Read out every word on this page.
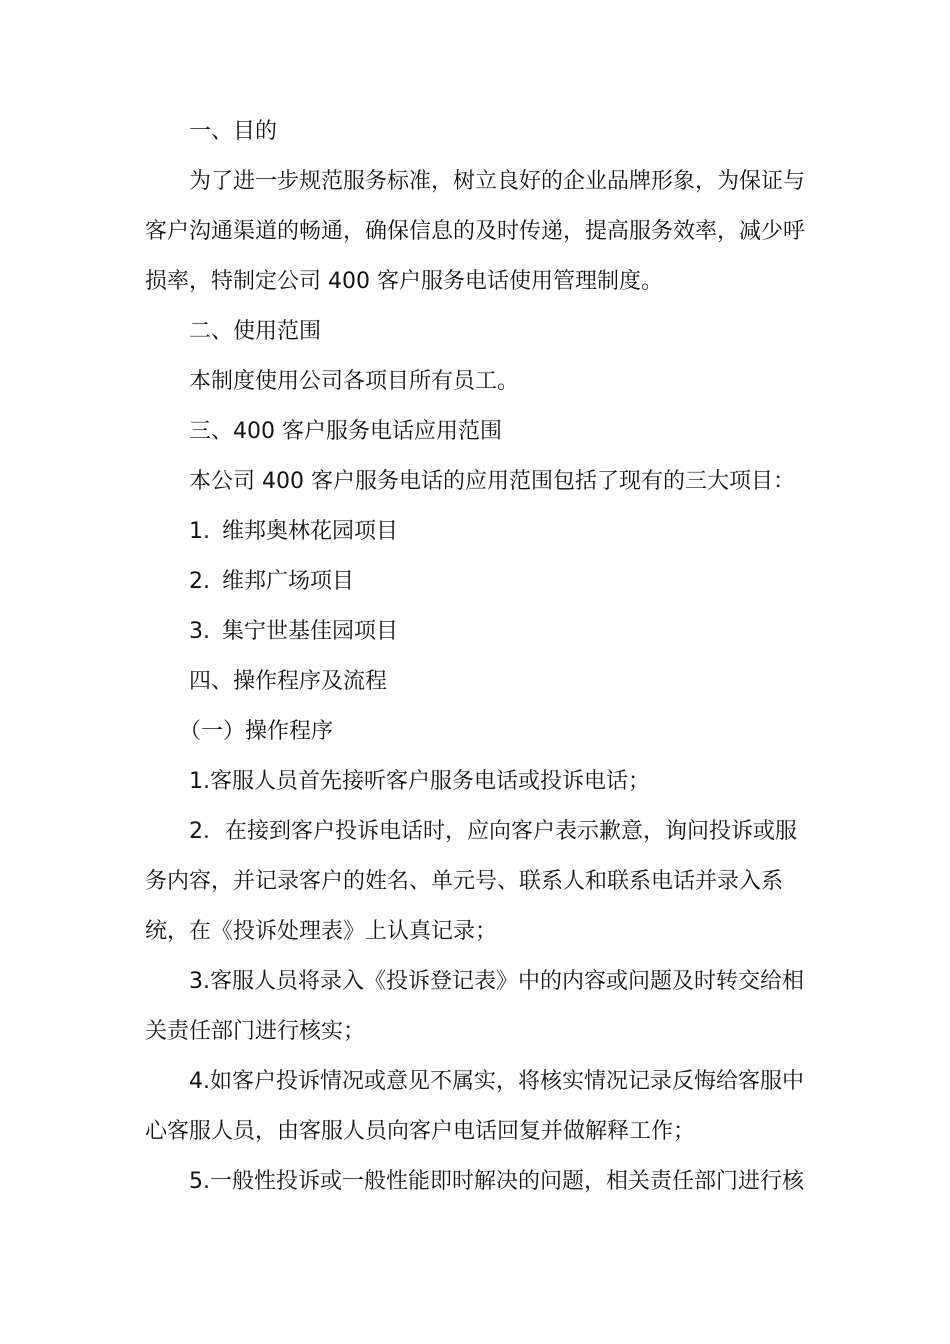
一、目的

为了进一步规范服务标准，树立良好的企业品牌形象，为保证与客户沟通渠道的畅通，确保信息的及时传递，提高服务效率，减少呼损率，特制定公司 400 客户服务电话使用管理制度。

二、使用范围

本制度使用公司各项目所有员工。

三、400 客户服务电话应用范围

本公司 400 客户服务电话的应用范围包括了现有的三大项目：

1. 维邦奥林花园项目

2. 维邦广场项目

3. 集宁世基佳园项目

四、操作程序及流程

（一）操作程序

1.客服人员首先接听客户服务电话或投诉电话；

2．在接到客户投诉电话时，应向客户表示歉意，询问投诉或服务内容，并记录客户的姓名、单元号、联系人和联系电话并录入系统，在《投诉处理表》上认真记录；

3.客服人员将录入《投诉登记表》中的内容或问题及时转交给相关责任部门进行核实；

4.如客户投诉情况或意见不属实，将核实情况记录反悔给客服中心客服人员，由客服人员向客户电话回复并做解释工作；

5.一般性投诉或一般性能即时解决的问题，相关责任部门进行核
